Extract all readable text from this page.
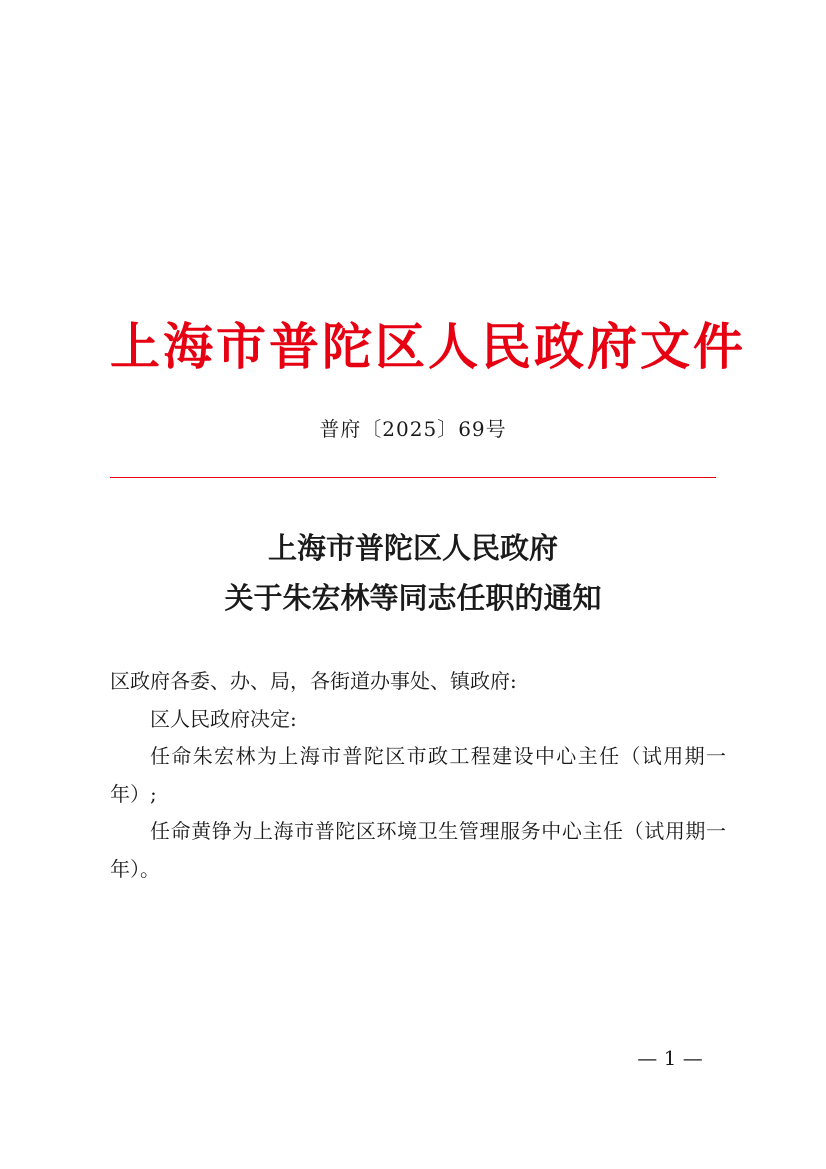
上海市普陀区人民政府文件
普府〔2025〕69号
上海市普陀区人民政府
关于朱宏林等同志任职的通知

区政府各委、办、局，各街道办事处、镇政府:

区人民政府决定:

任命朱宏林为上海市普陀区市政工程建设中心主任（试用期一年）;

任命黄铮为上海市普陀区环境卫生管理服务中心主任（试用期一年）。

— 1 —
